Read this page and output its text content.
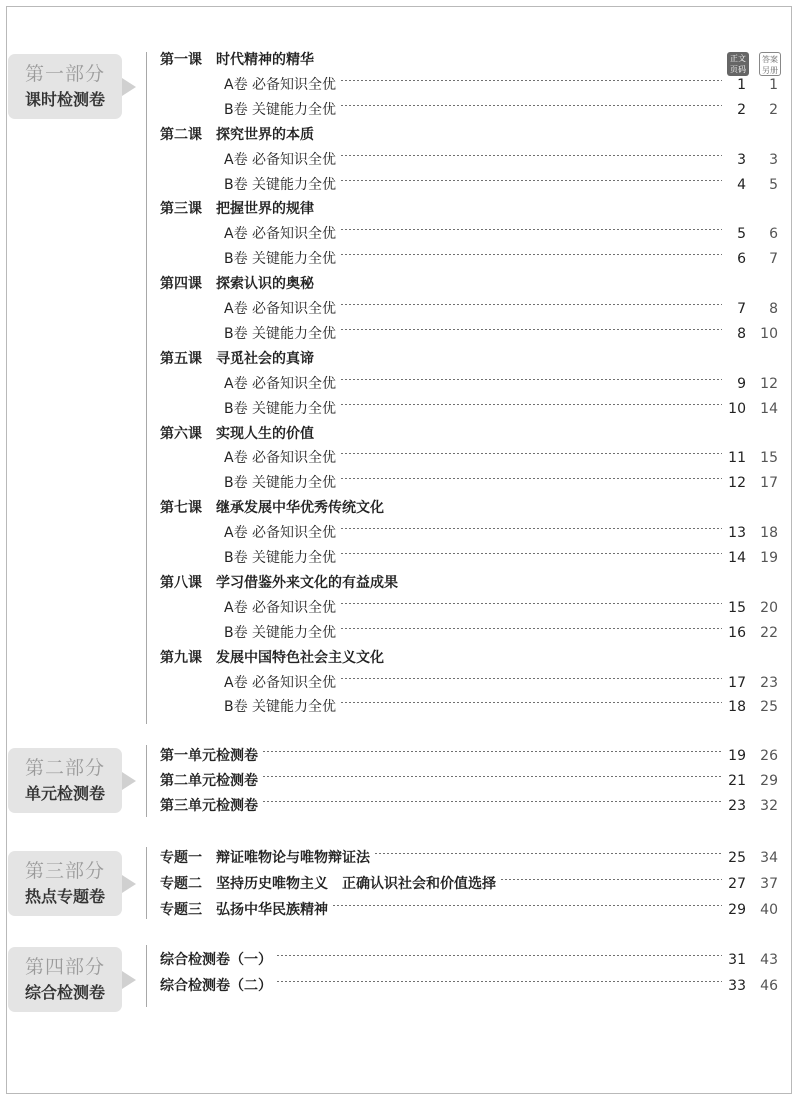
正文
页码
答案
另册
第一部分
课时检测卷
第二部分
单元检测卷
第三部分
热点专题卷
第四部分
综合检测卷
第一课　时代精神的精华
A卷 必备知识全优	1	1
B卷 关键能力全优	2	2
第二课　探究世界的本质
A卷 必备知识全优	3	3
B卷 关键能力全优	4	5
第三课　把握世界的规律
A卷 必备知识全优	5	6
B卷 关键能力全优	6	7
第四课　探索认识的奥秘
A卷 必备知识全优	7	8
B卷 关键能力全优	8	10
第五课　寻觅社会的真谛
A卷 必备知识全优	9	12
B卷 关键能力全优	10	14
第六课　实现人生的价值
A卷 必备知识全优	11	15
B卷 关键能力全优	12	17
第七课　继承发展中华优秀传统文化
A卷 必备知识全优	13	18
B卷 关键能力全优	14	19
第八课　学习借鉴外来文化的有益成果
A卷 必备知识全优	15	20
B卷 关键能力全优	16	22
第九课　发展中国特色社会主义文化
A卷 必备知识全优	17	23
B卷 关键能力全优	18	25
第一单元检测卷	19	26
第二单元检测卷	21	29
第三单元检测卷	23	32
专题一　辩证唯物论与唯物辩证法	25	34
专题二　坚持历史唯物主义　正确认识社会和价值选择	27	37
专题三　弘扬中华民族精神	29	40
综合检测卷（一）	31	43
综合检测卷（二）	33	46
